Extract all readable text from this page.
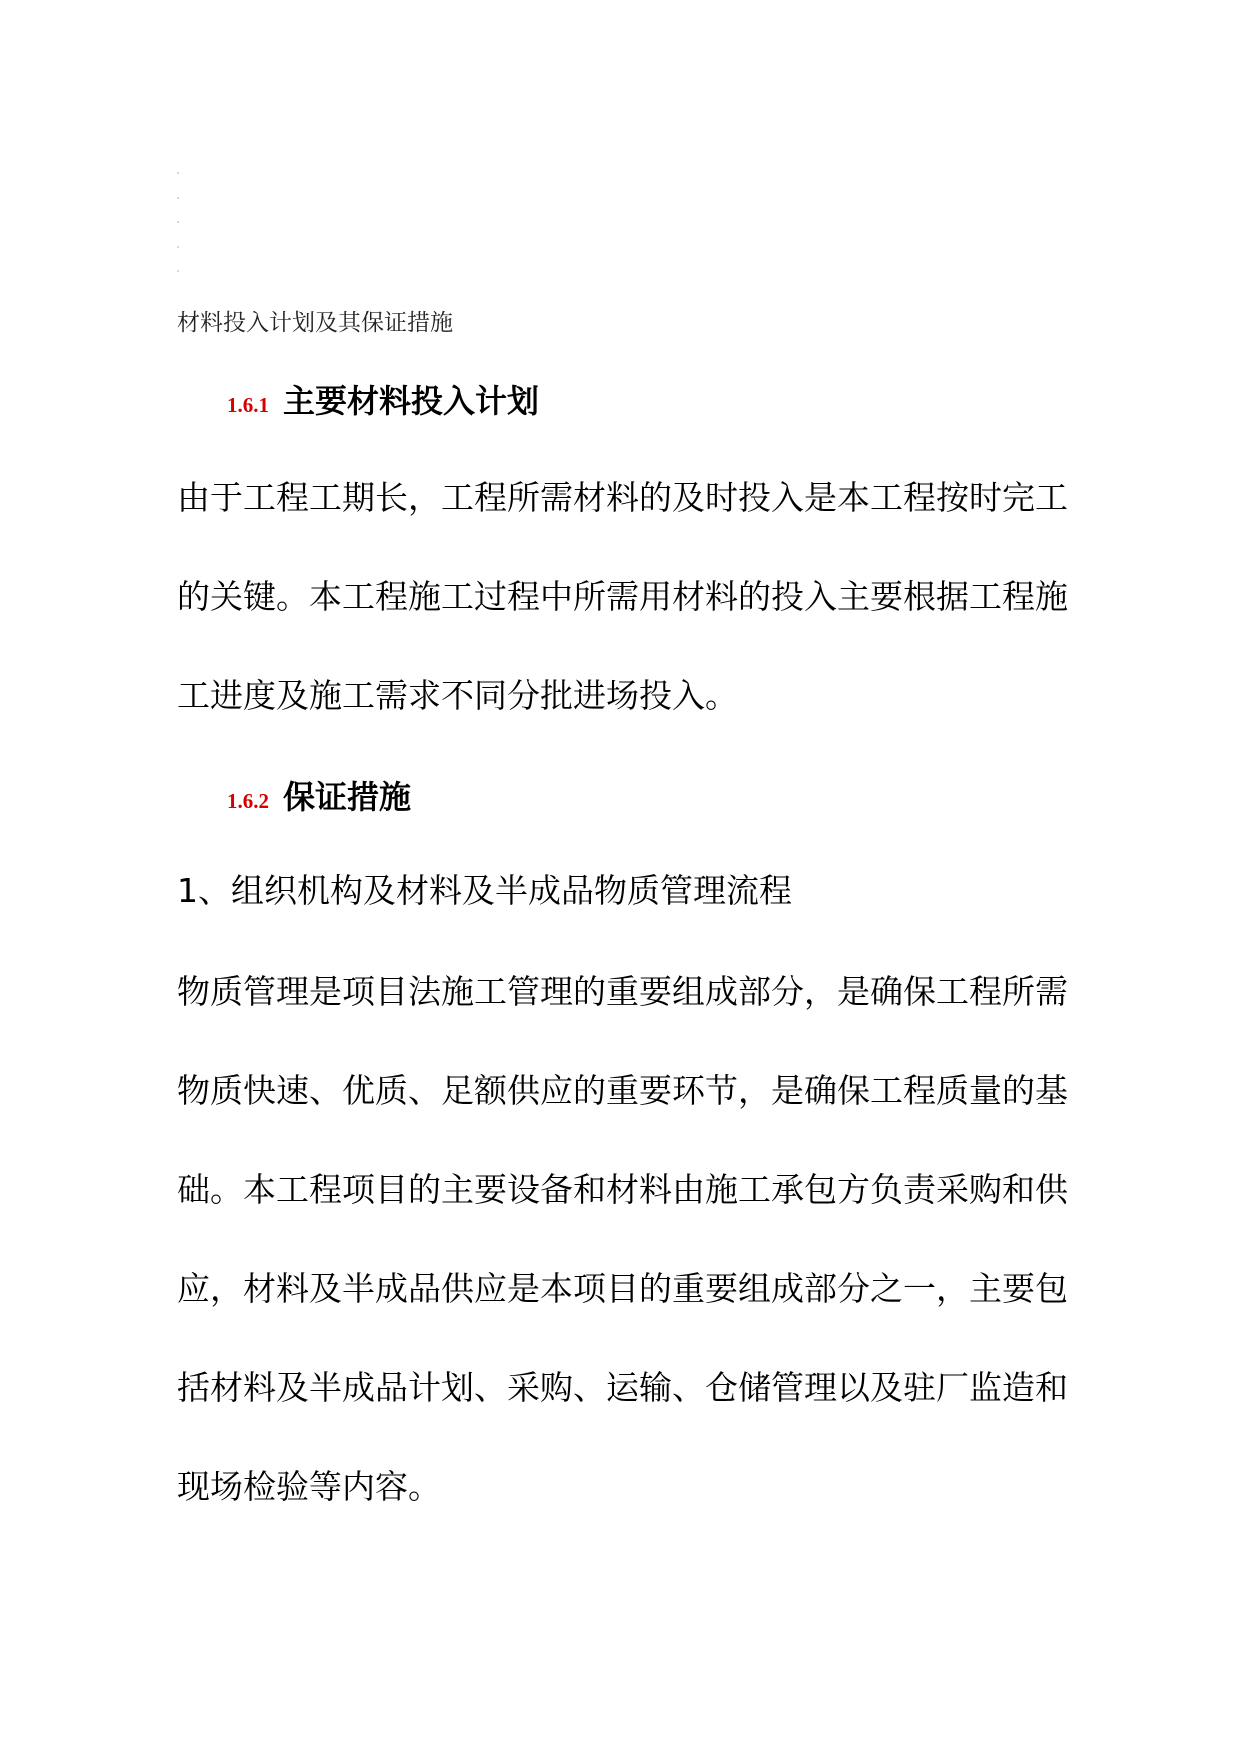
材料投入计划及其保证措施
1.6.1 主要材料投入计划

由于工程工期长，工程所需材料的及时投入是本工程按时完工
的关键。本工程施工过程中所需用材料的投入主要根据工程施
工进度及施工需求不同分批进场投入。

1.6.2 保证措施

1、组织机构及材料及半成品物质管理流程

物质管理是项目法施工管理的重要组成部分，是确保工程所需
物质快速、优质、足额供应的重要环节，是确保工程质量的基
础。本工程项目的主要设备和材料由施工承包方负责采购和供
应，材料及半成品供应是本项目的重要组成部分之一，主要包
括材料及半成品计划、采购、运输、仓储管理以及驻厂监造和
现场检验等内容。
